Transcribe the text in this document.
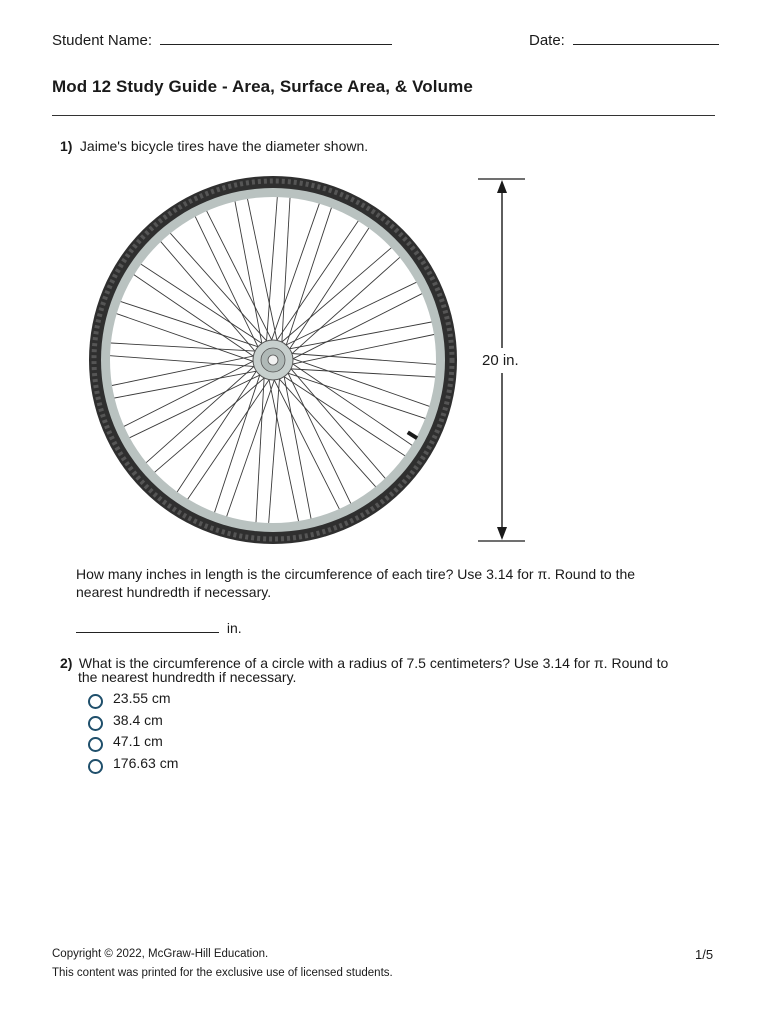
Student Name:	Date:
Mod 12 Study Guide - Area, Surface Area, & Volume
1) Jaime's bicycle tires have the diameter shown.
20 in.
How many inches in length is the circumference of each tire? Use 3.14 for π. Round to the
nearest hundredth if necessary.
in.
2) What is the circumference of a circle with a radius of 7.5 centimeters? Use 3.14 for π. Round to
the nearest hundredth if necessary.
23.55 cm
38.4 cm
47.1 cm
176.63 cm
Copyright © 2022, McGraw-Hill Education.	1/5
This content was printed for the exclusive use of licensed students.
